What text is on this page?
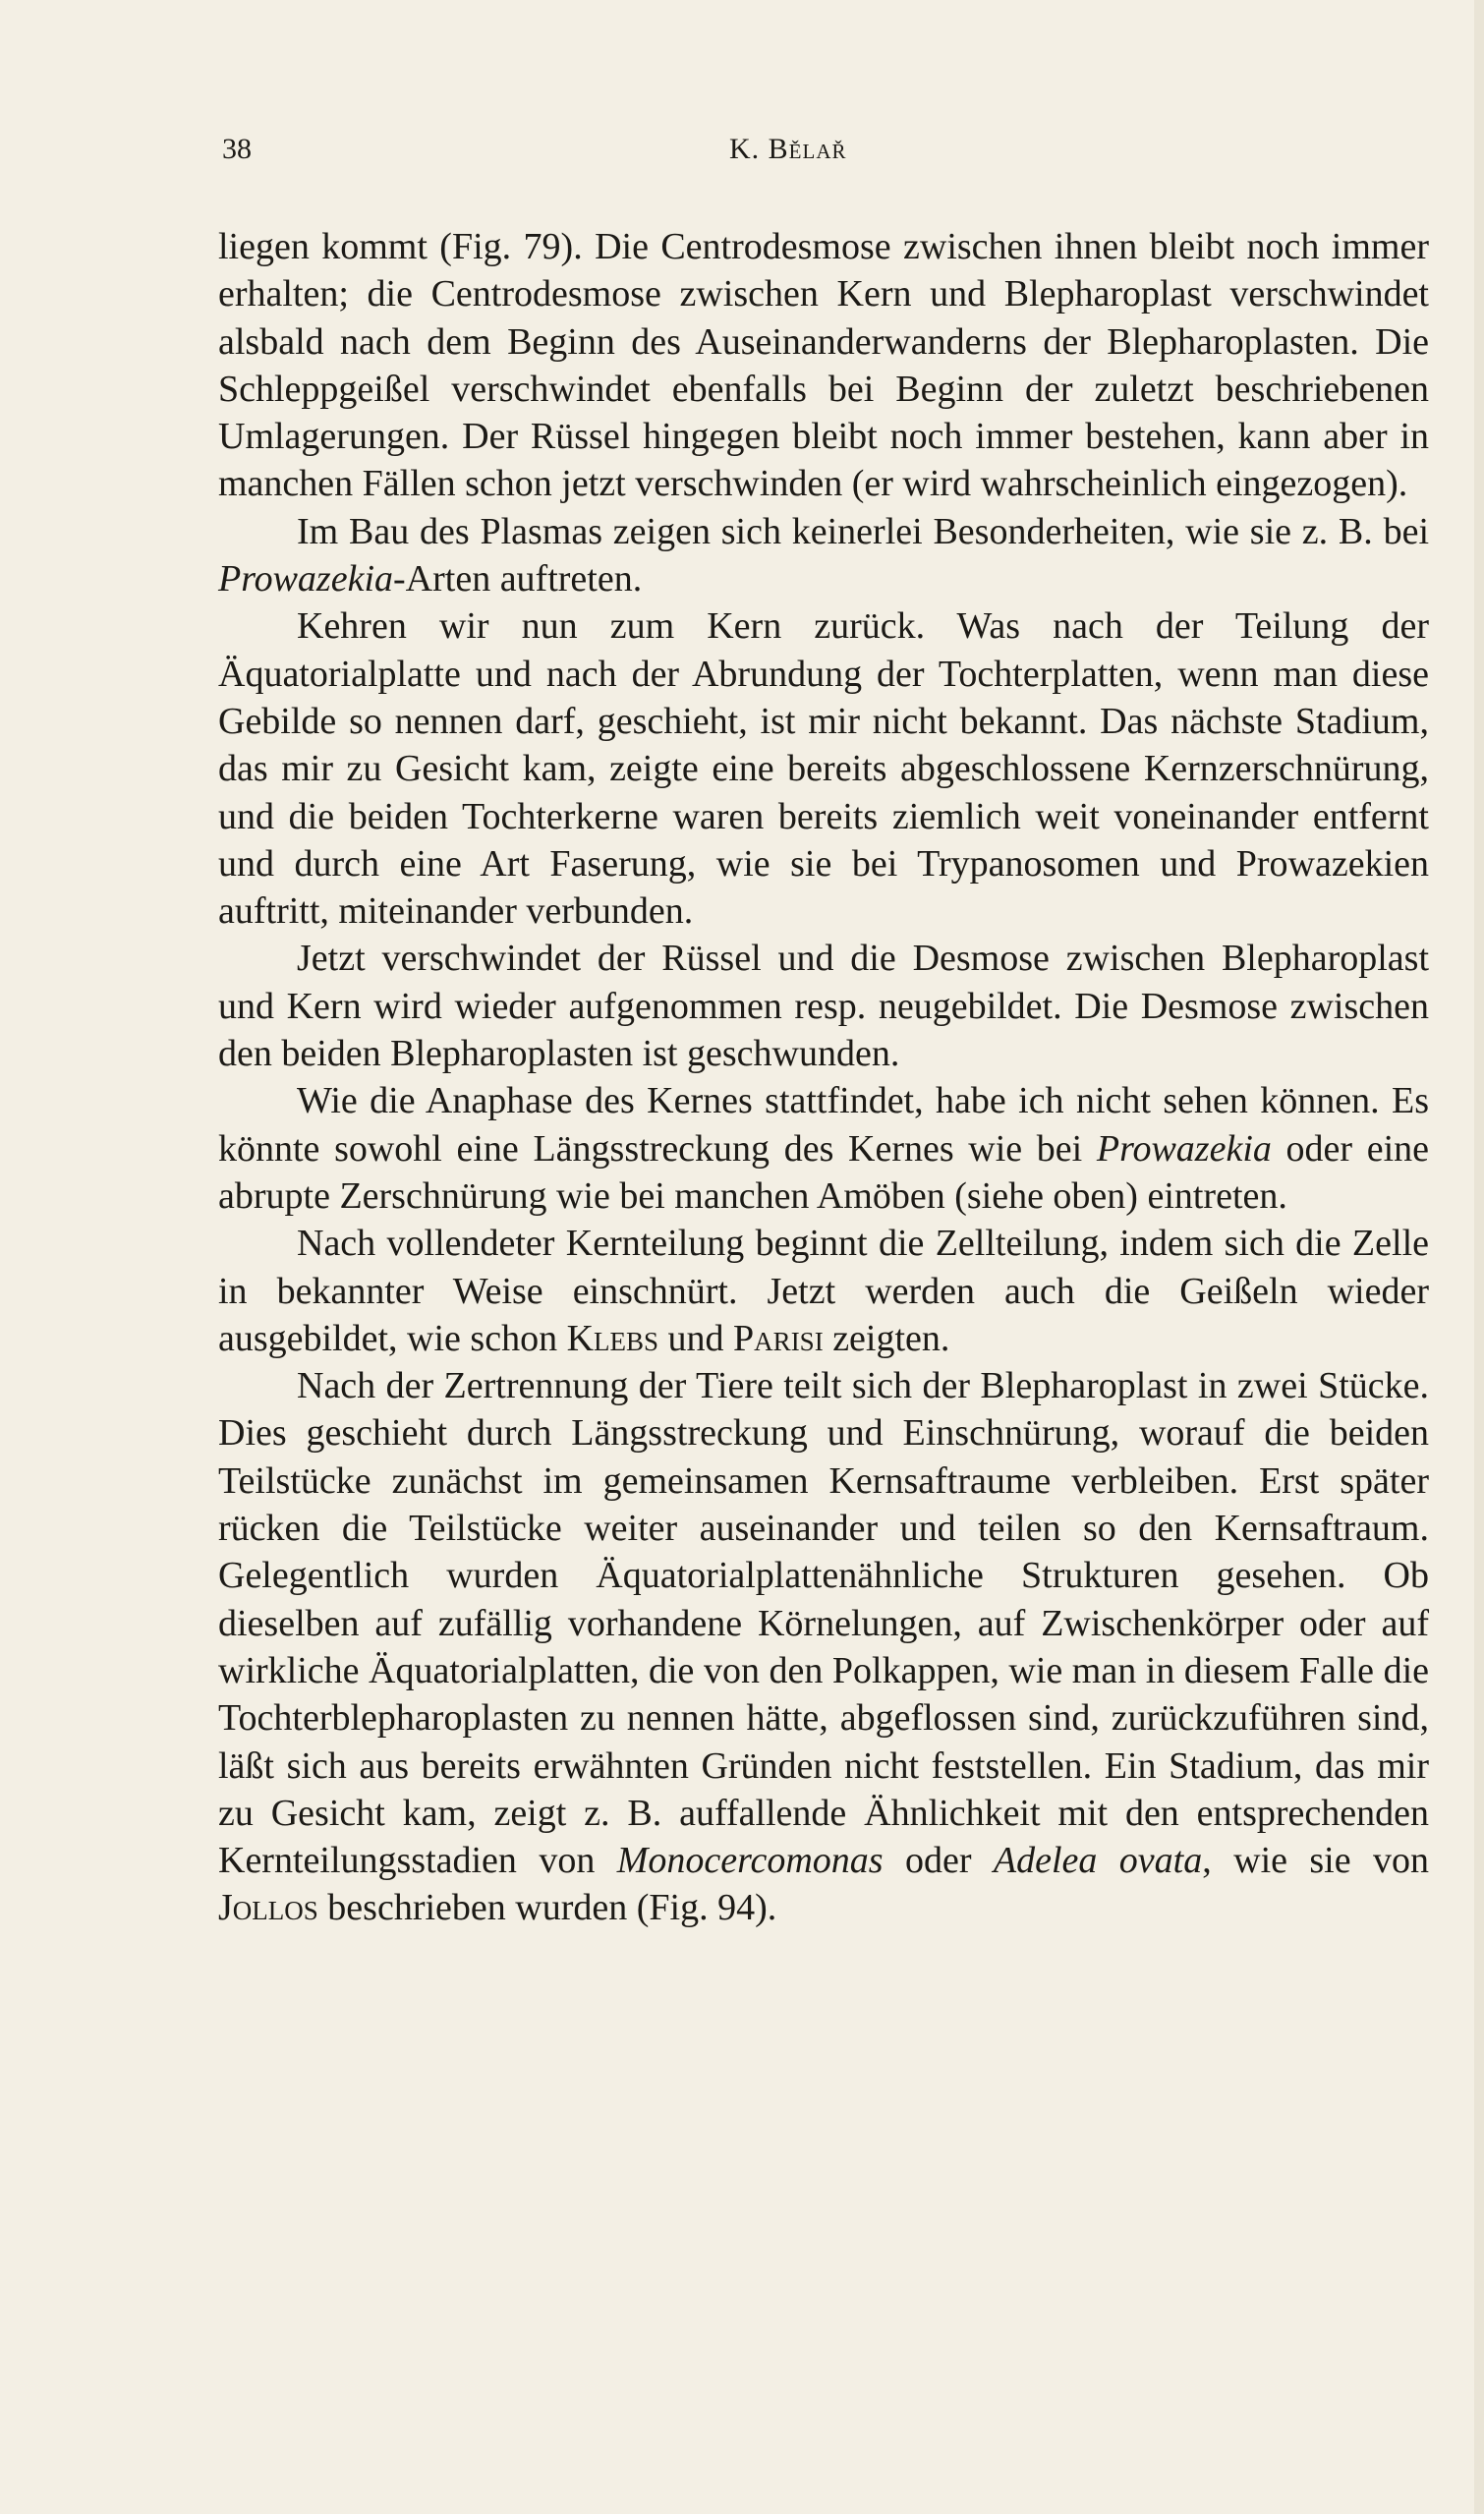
38	K. Bělař

liegen kommt (Fig. 79). Die Centrodesmose zwischen ihnen bleibt noch immer erhalten; die Centrodesmose zwischen Kern und Blepharoplast verschwindet alsbald nach dem Beginn des Auseinanderwanderns der Blepharoplasten. Die Schleppgeißel verschwindet ebenfalls bei Beginn der zuletzt beschriebenen Umlagerungen. Der Rüssel hingegen bleibt noch immer bestehen, kann aber in manchen Fällen schon jetzt verschwinden (er wird wahrscheinlich eingezogen).

Im Bau des Plasmas zeigen sich keinerlei Besonderheiten, wie sie z. B. bei Prowazekia-Arten auftreten.

Kehren wir nun zum Kern zurück. Was nach der Teilung der Äquatorialplatte und nach der Abrundung der Tochterplatten, wenn man diese Gebilde so nennen darf, geschieht, ist mir nicht bekannt. Das nächste Stadium, das mir zu Gesicht kam, zeigte eine bereits abgeschlossene Kernzerschnürung, und die beiden Tochterkerne waren bereits ziemlich weit voneinander entfernt und durch eine Art Faserung, wie sie bei Trypanosomen und Prowazekien auftritt, miteinander verbunden.

Jetzt verschwindet der Rüssel und die Desmose zwischen Blepharoplast und Kern wird wieder aufgenommen resp. neugebildet. Die Desmose zwischen den beiden Blepharoplasten ist geschwunden.

Wie die Anaphase des Kernes stattfindet, habe ich nicht sehen können. Es könnte sowohl eine Längsstreckung des Kernes wie bei Prowazekia oder eine abrupte Zerschnürung wie bei manchen Amöben (siehe oben) eintreten.

Nach vollendeter Kernteilung beginnt die Zellteilung, indem sich die Zelle in bekannter Weise einschnürt. Jetzt werden auch die Geißeln wieder ausgebildet, wie schon Klebs und Parisi zeigten.

Nach der Zertrennung der Tiere teilt sich der Blepharoplast in zwei Stücke. Dies geschieht durch Längsstreckung und Einschnürung, worauf die beiden Teilstücke zunächst im gemeinsamen Kernsaftraume verbleiben. Erst später rücken die Teilstücke weiter auseinander und teilen so den Kernsaftraum. Gelegentlich wurden Äquatorialplattenähnliche Strukturen gesehen. Ob dieselben auf zufällig vorhandene Körnelungen, auf Zwischenkörper oder auf wirkliche Äquatorialplatten, die von den Polkappen, wie man in diesem Falle die Tochterblepharoplasten zu nennen hätte, abgeflossen sind, zurückzuführen sind, läßt sich aus bereits erwähnten Gründen nicht feststellen. Ein Stadium, das mir zu Gesicht kam, zeigt z. B. auffallende Ähnlichkeit mit den entsprechenden Kernteilungsstadien von Monocercomonas oder Adelea ovata, wie sie von Jollos beschrieben wurden (Fig. 94).
